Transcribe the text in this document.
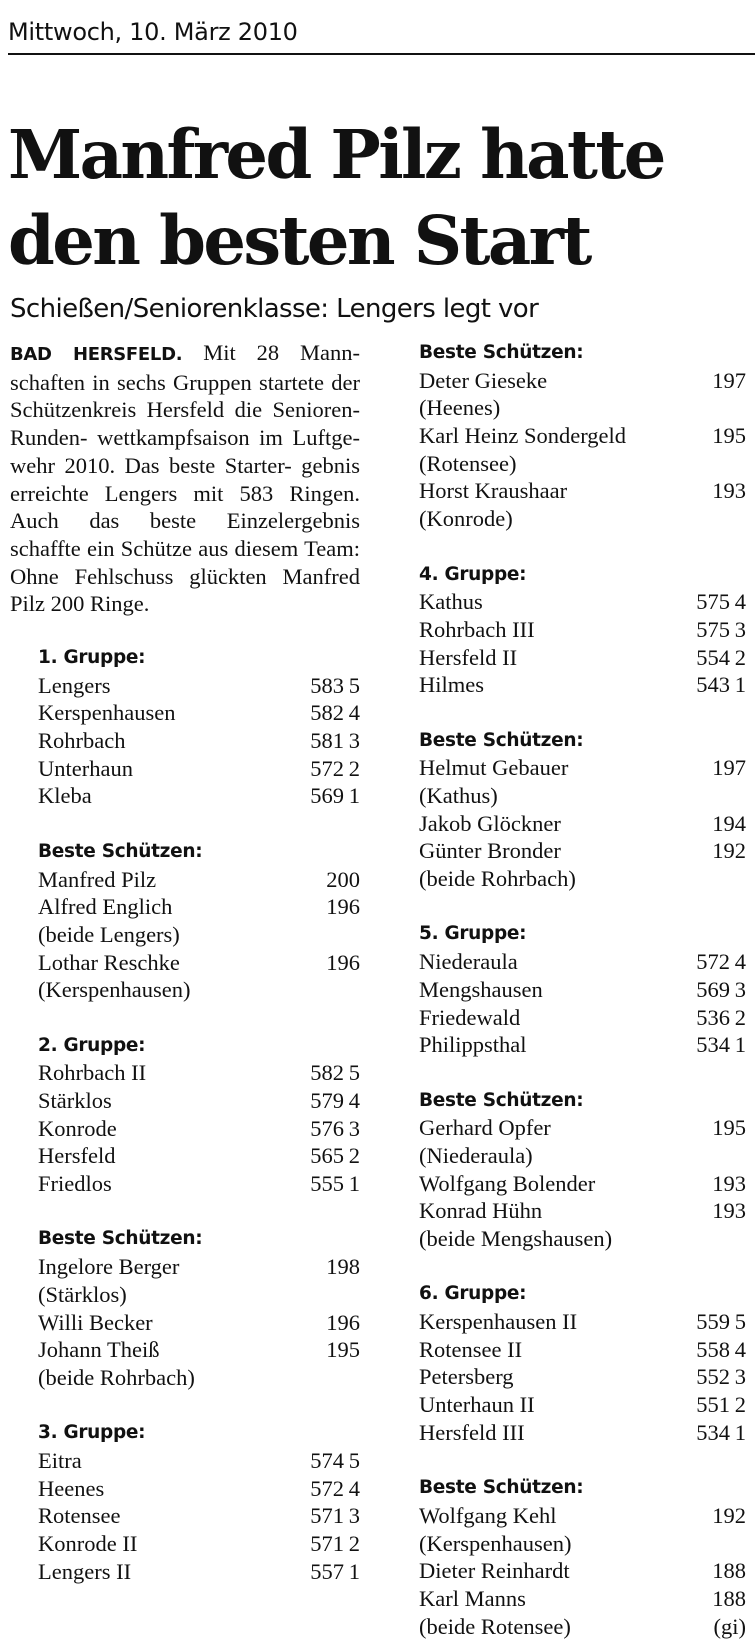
Mittwoch, 10. März 2010
Manfred Pilz hatte
den besten Start
Schießen/Seniorenklasse: Lengers legt vor
BAD HERSFELD. Mit 28 Mann- schaften in sechs Gruppen startete der Schützenkreis Hersfeld die Senioren-Runden- wettkampfsaison im Luftge- wehr 2010. Das beste Starter- gebnis erreichte Lengers mit 583 Ringen. Auch das beste Einzelergebnis schaffte ein Schütze aus diesem Team: Ohne Fehlschuss glückten Manfred Pilz 200 Ringe.
1. Gruppe:
Lengers	583 5
Kerspenhausen	582 4
Rohrbach	581 3
Unterhaun	572 2
Kleba	569 1
Beste Schützen:
Manfred Pilz	200
Alfred Englich	196
(beide Lengers)
Lothar Reschke	196
(Kerspenhausen)
2. Gruppe:
Rohrbach II	582 5
Stärklos	579 4
Konrode	576 3
Hersfeld	565 2
Friedlos	555 1
Beste Schützen:
Ingelore Berger	198
(Stärklos)
Willi Becker	196
Johann Theiß	195
(beide Rohrbach)
3. Gruppe:
Eitra	574 5
Heenes	572 4
Rotensee	571 3
Konrode II	571 2
Lengers II	557 1
Beste Schützen:
Deter Gieseke	197
(Heenes)
Karl Heinz Sondergeld	195
(Rotensee)
Horst Kraushaar	193
(Konrode)
4. Gruppe:
Kathus	575 4
Rohrbach III	575 3
Hersfeld II	554 2
Hilmes	543 1
Beste Schützen:
Helmut Gebauer	197
(Kathus)
Jakob Glöckner	194
Günter Bronder	192
(beide Rohrbach)
5. Gruppe:
Niederaula	572 4
Mengshausen	569 3
Friedewald	536 2
Philippsthal	534 1
Beste Schützen:
Gerhard Opfer	195
(Niederaula)
Wolfgang Bolender	193
Konrad Hühn	193
(beide Mengshausen)
6. Gruppe:
Kerspenhausen II	559 5
Rotensee II	558 4
Petersberg	552 3
Unterhaun II	551 2
Hersfeld III	534 1
Beste Schützen:
Wolfgang Kehl	192
(Kerspenhausen)
Dieter Reinhardt	188
Karl Manns	188
(beide Rotensee)	(gi)
